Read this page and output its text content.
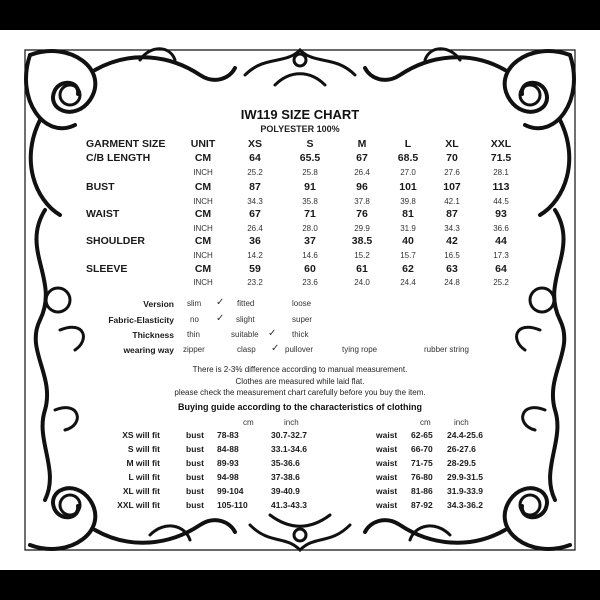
IW119 SIZE CHART
POLYESTER 100%
GARMENT SIZE UNIT	XS	S	M	L	XL	XXL
C/B LENGTH	CM	64	65.5	67	68.5	70	71.5
INCH	25.2	25.8	26.4	27.0	27.6	28.1
BUST	CM	87	91	96	101	107	113
INCH	34.3	35.8	37.8	39.8	42.1	44.5
WAIST	CM	67	71	76	81	87	93
INCH	26.4	28.0	29.9	31.9	34.3	36.6
SHOULDER	CM	36	37	38.5	40	42	44
INCH	14.2	14.6	15.2	15.7	16.5	17.3
SLEEVE	CM	59	60	61	62	63	64
INCH	23.2	23.6	24.0	24.4	24.8	25.2
Version slim ✓ fitted	loose
Fabric-Elasticity no ✓ slight	super
Thickness thin	suitable ✓ thick
wearing way zipper	clasp ✓ pullover	tying rope	rubber string
There is 2-3% difference according to manual measurement.
Clothes are measured while laid flat.
please check the measurement chart carefully before you buy the item.
Buying guide according to the characteristics of clothing
cm	inch	cm	inch
XS will fit	bust 78-83	30.7-32.7	waist 62-65 24.4-25.6
S will fit	bust 84-88	33.1-34.6	waist 66-70 26-27.6
M will fit	bust 89-93	35-36.6	waist 71-75 28-29.5
L will fit	bust 94-98	37-38.6	waist 76-80 29.9-31.5
XL will fit	bust 99-104	39-40.9	waist 81-86 31.9-33.9
XXL will fit	bust 105-110	41.3-43.3	waist 87-92 34.3-36.2
